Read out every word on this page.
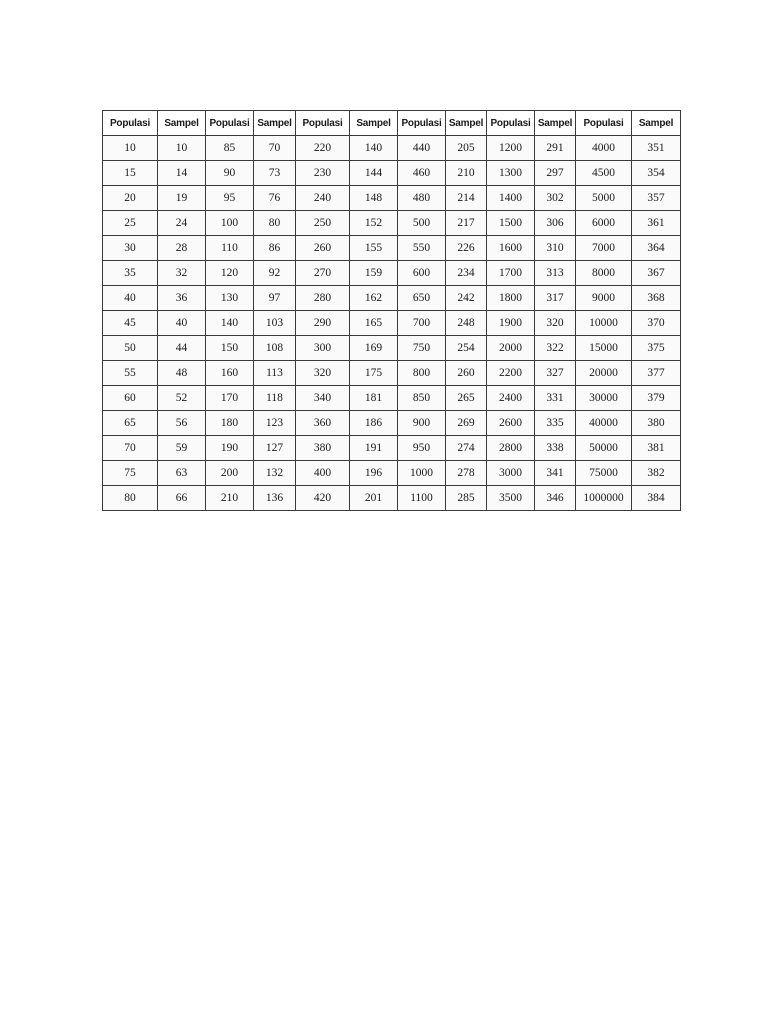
Populasi	Sampel	Populasi	Sampel	Populasi	Sampel	Populasi	Sampel	Populasi	Sampel	Populasi	Sampel
10	10	85	70	220	140	440	205	1200	291	4000	351
15	14	90	73	230	144	460	210	1300	297	4500	354
20	19	95	76	240	148	480	214	1400	302	5000	357
25	24	100	80	250	152	500	217	1500	306	6000	361
30	28	110	86	260	155	550	226	1600	310	7000	364
35	32	120	92	270	159	600	234	1700	313	8000	367
40	36	130	97	280	162	650	242	1800	317	9000	368
45	40	140	103	290	165	700	248	1900	320	10000	370
50	44	150	108	300	169	750	254	2000	322	15000	375
55	48	160	113	320	175	800	260	2200	327	20000	377
60	52	170	118	340	181	850	265	2400	331	30000	379
65	56	180	123	360	186	900	269	2600	335	40000	380
70	59	190	127	380	191	950	274	2800	338	50000	381
75	63	200	132	400	196	1000	278	3000	341	75000	382
80	66	210	136	420	201	1100	285	3500	346	1000000	384
